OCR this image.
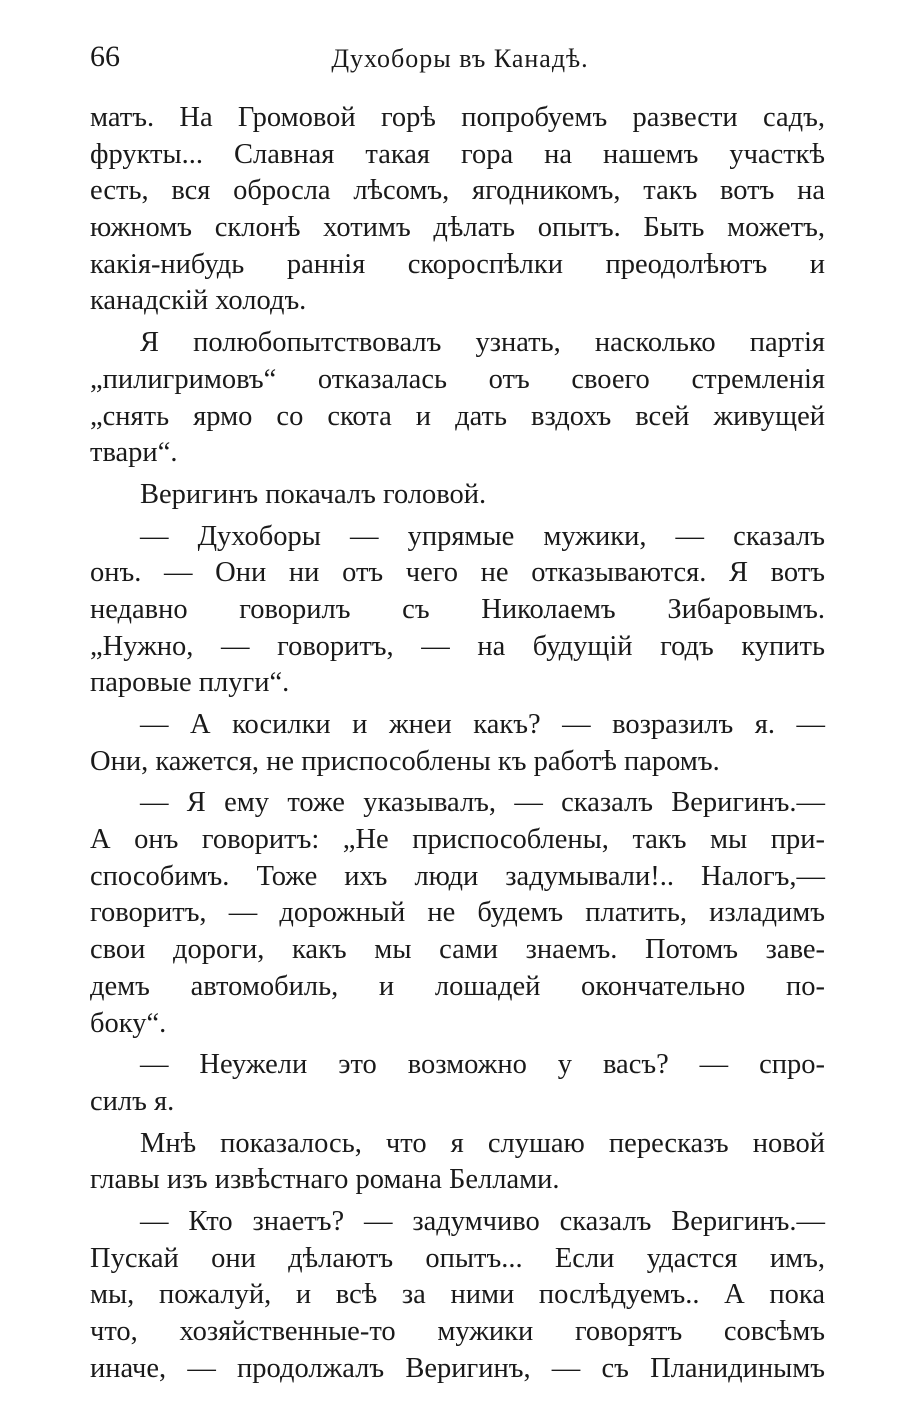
66	Духоборы въ Канадѣ.
матъ. На Громовой горѣ попробуемъ развести садъ,
фрукты... Славная такая гора на нашемъ участкѣ
есть, вся обросла лѣсомъ, ягодникомъ, такъ вотъ на
южномъ склонѣ хотимъ дѣлать опытъ. Быть можетъ,
какія-нибудь раннія скороспѣлки преодолѣютъ и
канадскій холодъ.
Я полюбопытствовалъ узнать, насколько партія
„пилигримовъ“ отказалась отъ своего стремленія
„снять ярмо со скота и дать вздохъ всей живущей
твари“.
Веригинъ покачалъ головой.
— Духоборы — упрямые мужики, — сказалъ
онъ. — Они ни отъ чего не отказываются. Я вотъ
недавно говорилъ съ Николаемъ Зибаровымъ.
„Нужно, — говоритъ, — на будущій годъ купить
паровые плуги“.
— А косилки и жнеи какъ? — возразилъ я. —
Они, кажется, не приспособлены къ работѣ паромъ.
— Я ему тоже указывалъ, — сказалъ Веригинъ.—
А онъ говоритъ: „Не приспособлены, такъ мы при-
способимъ. Тоже ихъ люди задумывали!.. Налогъ,—
говоритъ, — дорожный не будемъ платить, изладимъ
свои дороги, какъ мы сами знаемъ. Потомъ заве-
демъ автомобиль, и лошадей окончательно по-
боку“.
— Неужели это возможно у васъ? — спро-
силъ я.
Мнѣ показалось, что я слушаю пересказъ новой
главы изъ извѣстнаго романа Беллами.
— Кто знаетъ? — задумчиво сказалъ Веригинъ.—
Пускай они дѣлаютъ опытъ... Если удастся имъ,
мы, пожалуй, и всѣ за ними послѣдуемъ.. А пока
что, хозяйственные-то мужики говорятъ совсѣмъ
иначе, — продолжалъ Веригинъ, — съ Планидинымъ
